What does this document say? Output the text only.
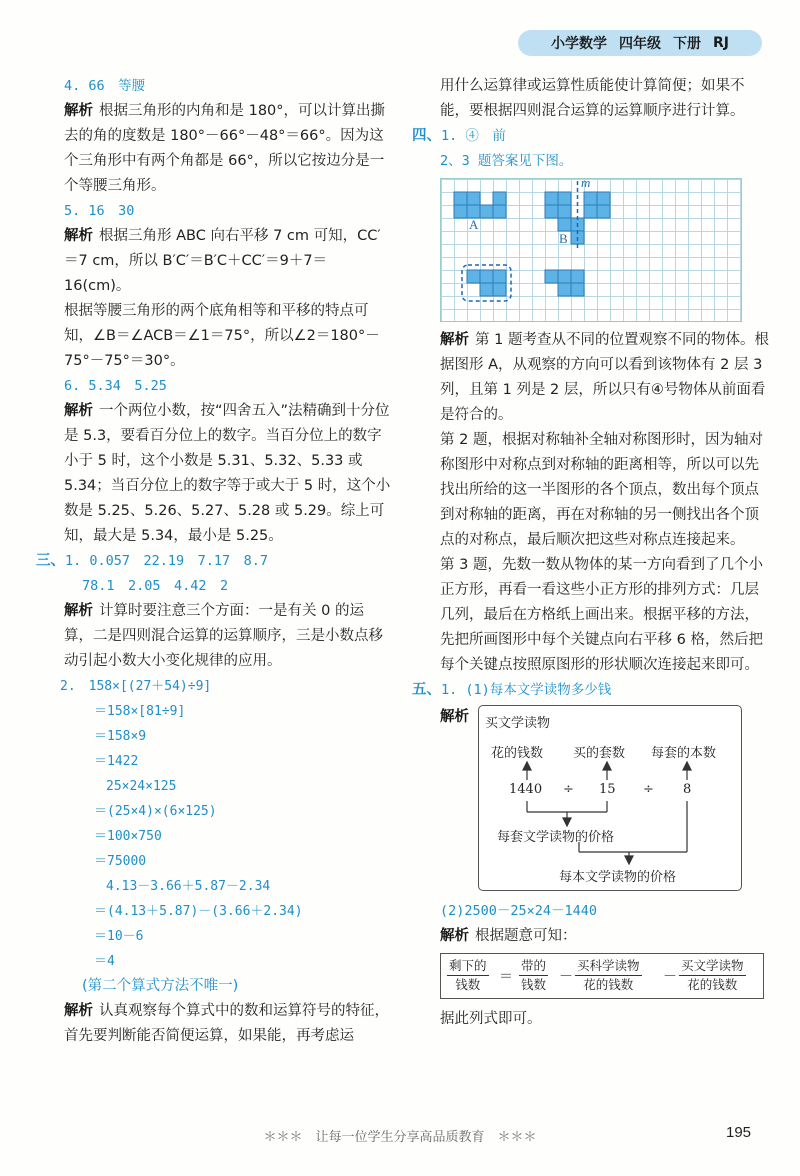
小学数学 四年级 下册 RJ

4. 66　等腰

解析 根据三角形的内角和是 180°，可以计算出撕去的角的度数是 180°－66°－48°＝66°。因为这个三角形中有两个角都是 66°，所以它按边分是一个等腰三角形。

5. 16　30

解析 根据三角形 ABC 向右平移 7 cm 可知，CC′＝7 cm，所以 B′C′＝B′C＋CC′＝9＋7＝16(cm)。

根据等腰三角形的两个底角相等和平移的特点可知，∠B＝∠ACB＝∠1＝75°，所以∠2＝180°－75°－75°＝30°。

6. 5.34　5.25

解析 一个两位小数，按“四舍五入”法精确到十分位是 5.3，要看百分位上的数字。当百分位上的数字小于 5 时，这个小数是 5.31、5.32、5.33 或 5.34；当百分位上的数字等于或大于 5 时，这个小数是 5.25、5.26、5.27、5.28 或 5.29。综上可知，最大是 5.34，最小是 5.25。

三、1. 0.057　22.19　7.17　8.7

78.1　2.05　4.42　2

解析 计算时要注意三个方面：一是有关 0 的运算，二是四则混合运算的运算顺序，三是小数点移动引起小数大小变化规律的应用。

2.　158×[(27＋54)÷9]

＝158×[81÷9]

＝158×9

＝1422

25×24×125

＝(25×4)×(6×125)

＝100×750

＝75000

4.13－3.66＋5.87－2.34

＝(4.13＋5.87)－(3.66＋2.34)

＝10－6

＝4

(第二个算式方法不唯一)

解析 认真观察每个算式中的数和运算符号的特征，首先要判断能否简便运算，如果能，再考虑运

用什么运算律或运算性质能使计算简便；如果不能，要根据四则混合运算的运算顺序进行计算。

四、1. ④　前

2、3 题答案见下图。

A
B
m

解析 第 1 题考查从不同的位置观察不同的物体。根据图形 A，从观察的方向可以看到该物体有 2 层 3 列，且第 1 列是 2 层，所以只有④号物体从前面看是符合的。

第 2 题，根据对称轴补全轴对称图形时，因为轴对称图形中对称点到对称轴的距离相等，所以可以先找出所给的这一半图形的各个顶点，数出每个顶点到对称轴的距离，再在对称轴的另一侧找出各个顶点的对称点，最后顺次把这些对称点连接起来。

第 3 题，先数一数从物体的某一方向看到了几个小正方形，再看一看这些小正方形的排列方式：几层几列，最后在方格纸上画出来。根据平移的方法，先把所画图形中每个关键点向右平移 6 格，然后把每个关键点按照原图形的形状顺次连接起来即可。

五、1. (1)每本文学读物多少钱

解析 买文学读物
花的钱数 买的套数 每套的本数
1440 ÷ 15 ÷ 8
每套文学读物的价格
每本文学读物的价格

(2)2500－25×24－1440

解析 根据题意可知：

剩下的
钱数	＝
带的
钱数 －
买科学读物
花的钱数	－
买文学读物
花的钱数

据此列式即可。

＊＊＊　让每一位学生分享高品质教育　＊＊＊	195
